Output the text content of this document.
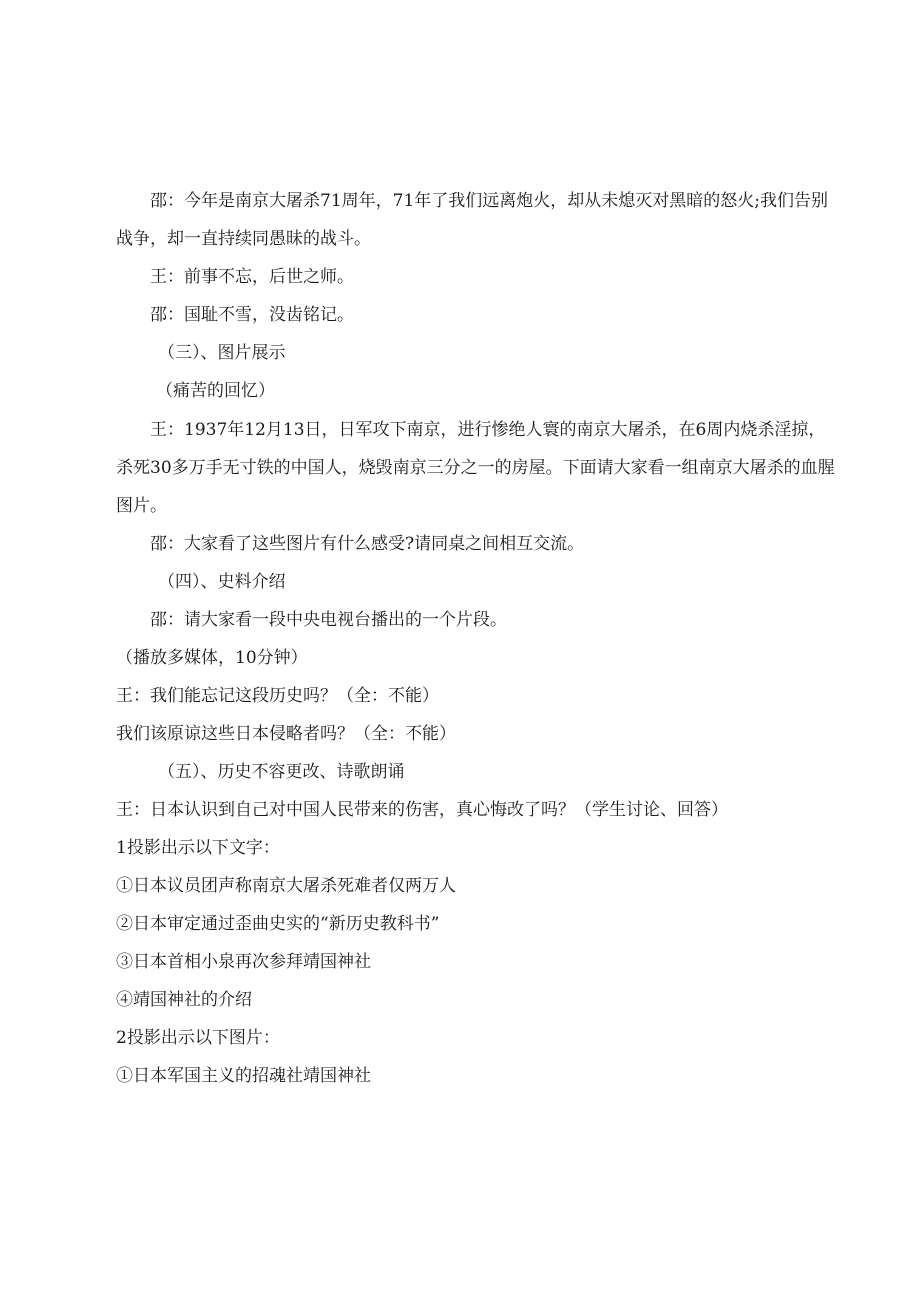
邵：今年是南京大屠杀71周年，71年了我们远离炮火，却从未熄灭对黑暗的怒火;我们告别战争，却一直持续同愚昧的战斗。

王：前事不忘，后世之师。

邵：国耻不雪，没齿铭记。

（三）、图片展示

（痛苦的回忆）

王：1937年12月13日，日军攻下南京，进行惨绝人寰的南京大屠杀，在6周内烧杀淫掠，杀死30多万手无寸铁的中国人，烧毁南京三分之一的房屋。下面请大家看一组南京大屠杀的血腥图片。

邵：大家看了这些图片有什么感受?请同桌之间相互交流。

（四）、史料介绍

邵：请大家看一段中央电视台播出的一个片段。

（播放多媒体，10分钟）

王：我们能忘记这段历史吗？（全：不能）

我们该原谅这些日本侵略者吗？（全：不能）

（五）、历史不容更改、诗歌朗诵

王：日本认识到自己对中国人民带来的伤害，真心悔改了吗？（学生讨论、回答）

1投影出示以下文字：

①日本议员团声称南京大屠杀死难者仅两万人

②日本审定通过歪曲史实的“新历史教科书”

③日本首相小泉再次参拜靖国神社

④靖国神社的介绍

2投影出示以下图片：

①日本军国主义的招魂社靖国神社
